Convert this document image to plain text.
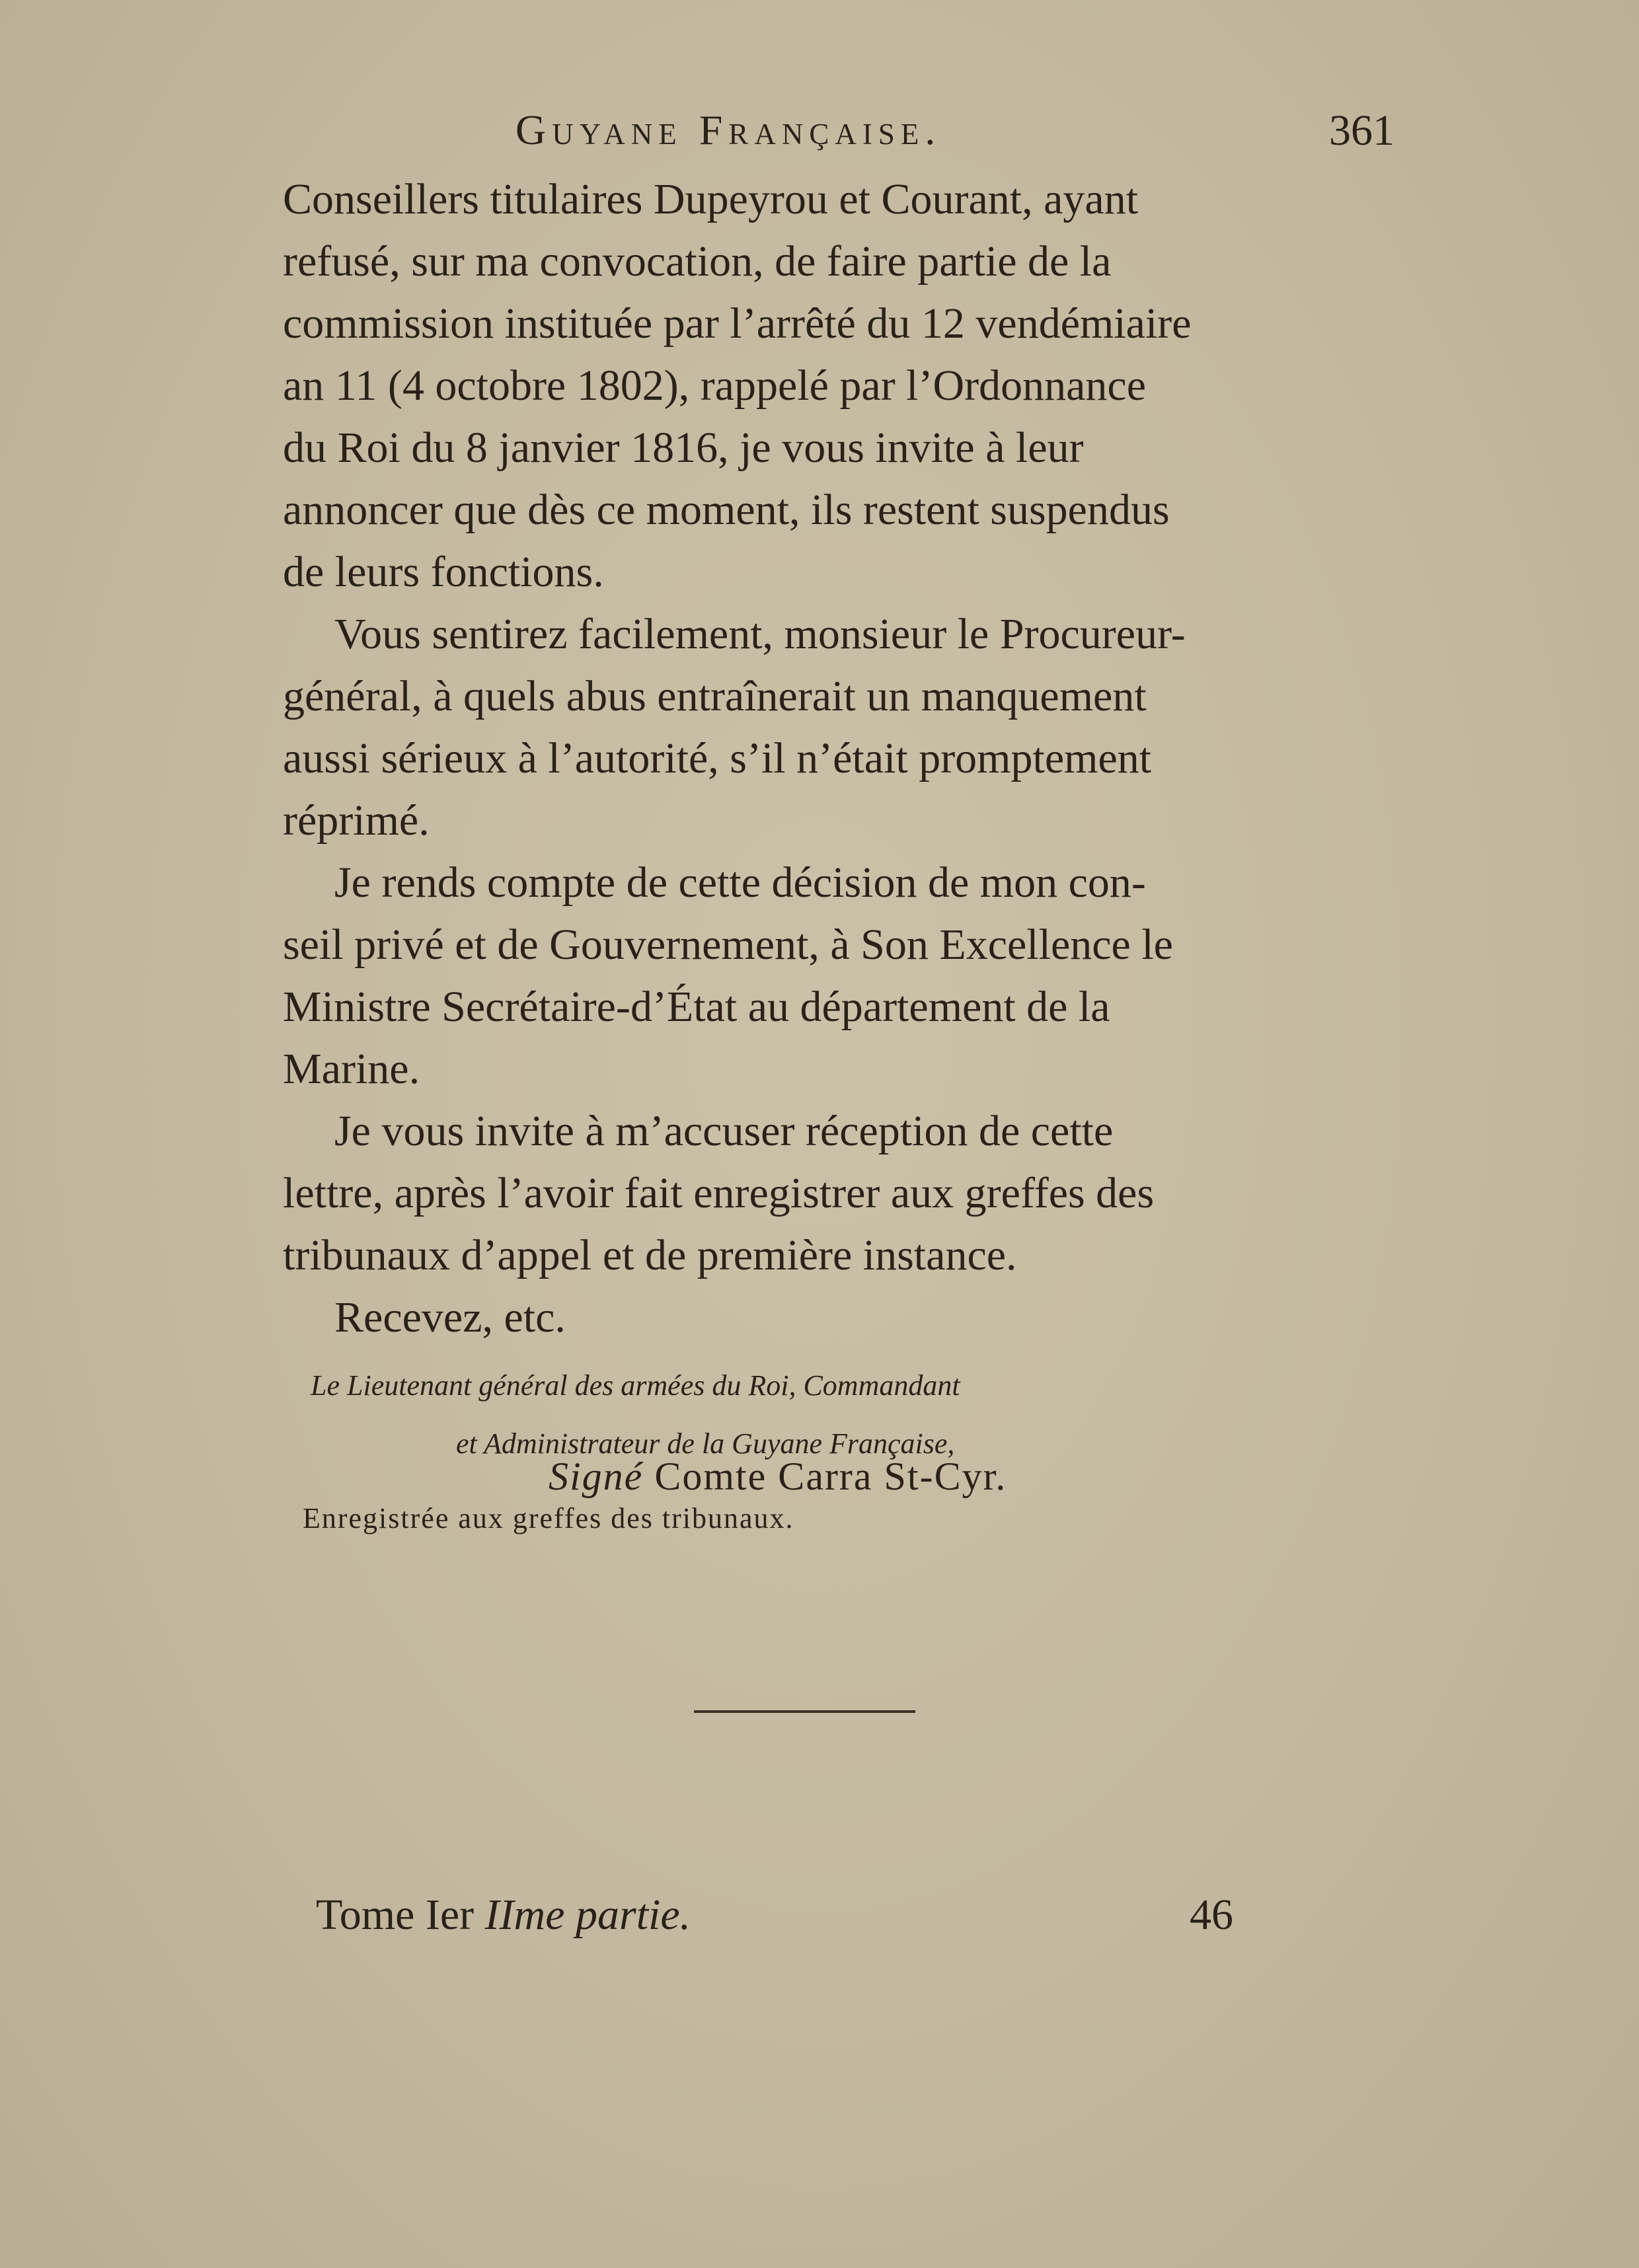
Guyane Française.	361

Conseillers titulaires Dupeyrou et Courant, ayant
refusé, sur ma convocation, de faire partie de la
commission instituée par l’arrêté du 12 vendémiaire
an 11 (4 octobre 1802), rappelé par l’Ordonnance
du Roi du 8 janvier 1816, je vous invite à leur
annoncer que dès ce moment, ils restent suspendus
de leurs fonctions.

Vous sentirez facilement, monsieur le Procureur-
général, à quels abus entraînerait un manquement
aussi sérieux à l’autorité, s’il n’était promptement
réprimé.

Je rends compte de cette décision de mon con-
seil privé et de Gouvernement, à Son Excellence le
Ministre Secrétaire-d’État au département de la
Marine.

Je vous invite à m’accuser réception de cette
lettre, après l’avoir fait enregistrer aux greffes des
tribunaux d’appel et de première instance.

Recevez, etc.

Le Lieutenant général des armées du Roi, Commandant
et Administrateur de la Guyane Française,
Signé Comte Carra St-Cyr.
Enregistrée aux greffes des tribunaux.
Tome Ier IIme partie.	46
